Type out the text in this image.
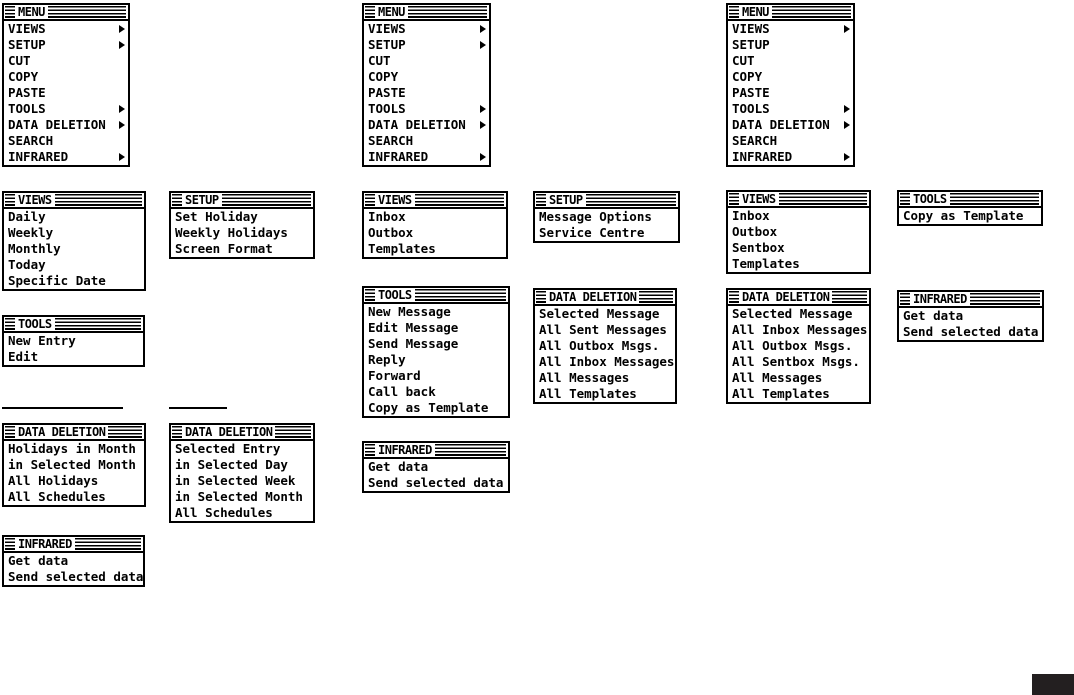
MENU
VIEWS
SETUP
CUT
COPY
PASTE
TOOLS
DATA DELETION
SEARCH
INFRARED
VIEWS
Daily
Weekly
Monthly
Today
Specific Date
SETUP
Set Holiday
Weekly Holidays
Screen Format
TOOLS
New Entry
Edit
DATA DELETION
Holidays in Month
in Selected Month
All Holidays
All Schedules
DATA DELETION
Selected Entry
in Selected Day
in Selected Week
in Selected Month
All Schedules
INFRARED
Get data
Send selected data
MENU
VIEWS
SETUP
CUT
COPY
PASTE
TOOLS
DATA DELETION
SEARCH
INFRARED
VIEWS
Inbox
Outbox
Templates
SETUP
Message Options
Service Centre
TOOLS
New Message
Edit Message
Send Message
Reply
Forward
Call back
Copy as Template
DATA DELETION
Selected Message
All Sent Messages
All Outbox Msgs.
All Inbox Messages
All Messages
All Templates
INFRARED
Get data
Send selected data
MENU
VIEWS
SETUP
CUT
COPY
PASTE
TOOLS
DATA DELETION
SEARCH
INFRARED
VIEWS
Inbox
Outbox
Sentbox
Templates
TOOLS
Copy as Template
DATA DELETION
Selected Message
All Inbox Messages
All Outbox Msgs.
All Sentbox Msgs.
All Messages
All Templates
INFRARED
Get data
Send selected data
